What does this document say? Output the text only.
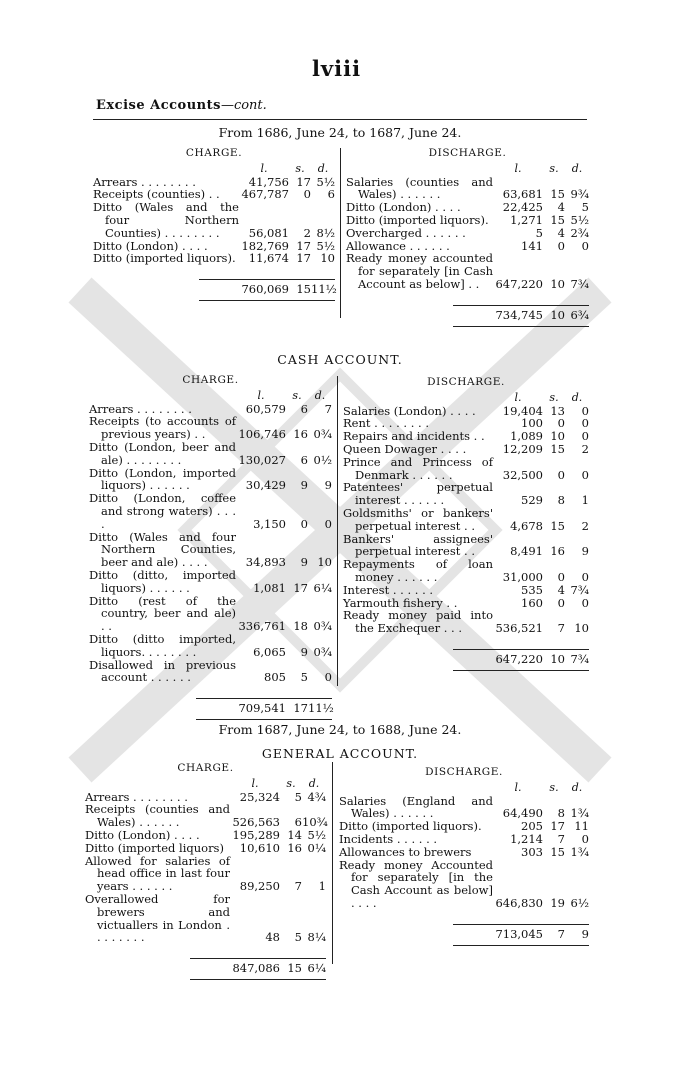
lviii
Excise Accounts—cont.
From 1686, June 24, to 1687, June 24.
CHARGE.
l.	s.	d.
Arrears . . . . . . . .	41,756 17 5½
Receipts (counties) . .	467,787	0	6
Ditto (Wales and the four Northern Counties) . . . . . . . .	56,081	2 8½
Ditto (London) . . . .	182,769 17 5½
Ditto (imported liquors).	11,674 17 10
760,069 15 11½
DISCHARGE.
l.	s.	d.
Salaries (counties and Wales) . . . . . .	63,681 15 9¾
Ditto (London) . . . .	22,425	4	5
Ditto (imported liquors).	1,271 15 5½
Overcharged . . . . . .	5	4 2¾
Allowance . . . . . .	141	0	0
Ready money accounted for separately [in Cash Account as below] . .	647,220 10 7¾
734,745 10 6¾
CASH ACCOUNT.
CHARGE.
l.	s.	d.
Arrears . . . . . . . .	60,579	6	7
Receipts (to accounts of previous years) . .	106,746 16 0¾
Ditto (London, beer and ale) . . . . . . . .	130,027	6 0½
Ditto (London, imported liquors) . . . . . .	30,429	9	9
Ditto (London, coffee and strong waters) . . . .	3,150	0	0
Ditto (Wales and four Northern Counties, beer and ale) . . . .	34,893	9 10
Ditto (ditto, imported liquors) . . . . . .	1,081 17 6¼
Ditto (rest of the country, beer and ale) . .	336,761 18 0¾
Ditto (ditto imported, liquors. . . . . . . .	6,065	9 0¾
Disallowed in previous account . . . . . .	805	5	0
709,541 17 11½
DISCHARGE.
l.	s.	d.
Salaries (London) . . . .	19,404 13	0
Rent . . . . . . . .	100	0	0
Repairs and incidents . .	1,089 10	0
Queen Dowager . . . .	12,209 15	2
Prince and Princess of Denmark . . . . . .	32,500	0	0
Patentees' perpetual interest . . . . . .	529	8	1
Goldsmiths' or bankers' perpetual interest . .	4,678 15	2
Bankers' assignees' perpetual interest . .	8,491 16	9
Repayments of loan money . . . . . .	31,000	0	0
Interest . . . . . .	535	4 7¾
Yarmouth fishery . .	160	0	0
Ready money paid into the Exchequer . . .	536,521	7 10
647,220 10 7¾
From 1687, June 24, to 1688, June 24.
GENERAL ACCOUNT.
CHARGE.
l.	s.	d.
Arrears . . . . . . . .	25,324	5 4¾
Receipts (counties and Wales) . . . . . .	526,563	6 10¾
Ditto (London) . . . .	195,289 14 5½
Ditto (imported liquors)	10,610 16 0¼
Allowed for salaries of head office in last four years . . . . . .	89,250	7	1
Overallowed for brewers and victuallers in London . . . . . . . .	48	5 8¼
847,086 15 6¼
DISCHARGE.
l.	s.	d.
Salaries (England and Wales) . . . . . .	64,490	8 1¾
Ditto (imported liquors).	205 17 11
Incidents . . . . . .	1,214	7	0
Allowances to brewers	303 15 1¾
Ready money Accounted for separately [in the Cash Account as below] . . . .	646,830 19 6½
713,045	7	9
